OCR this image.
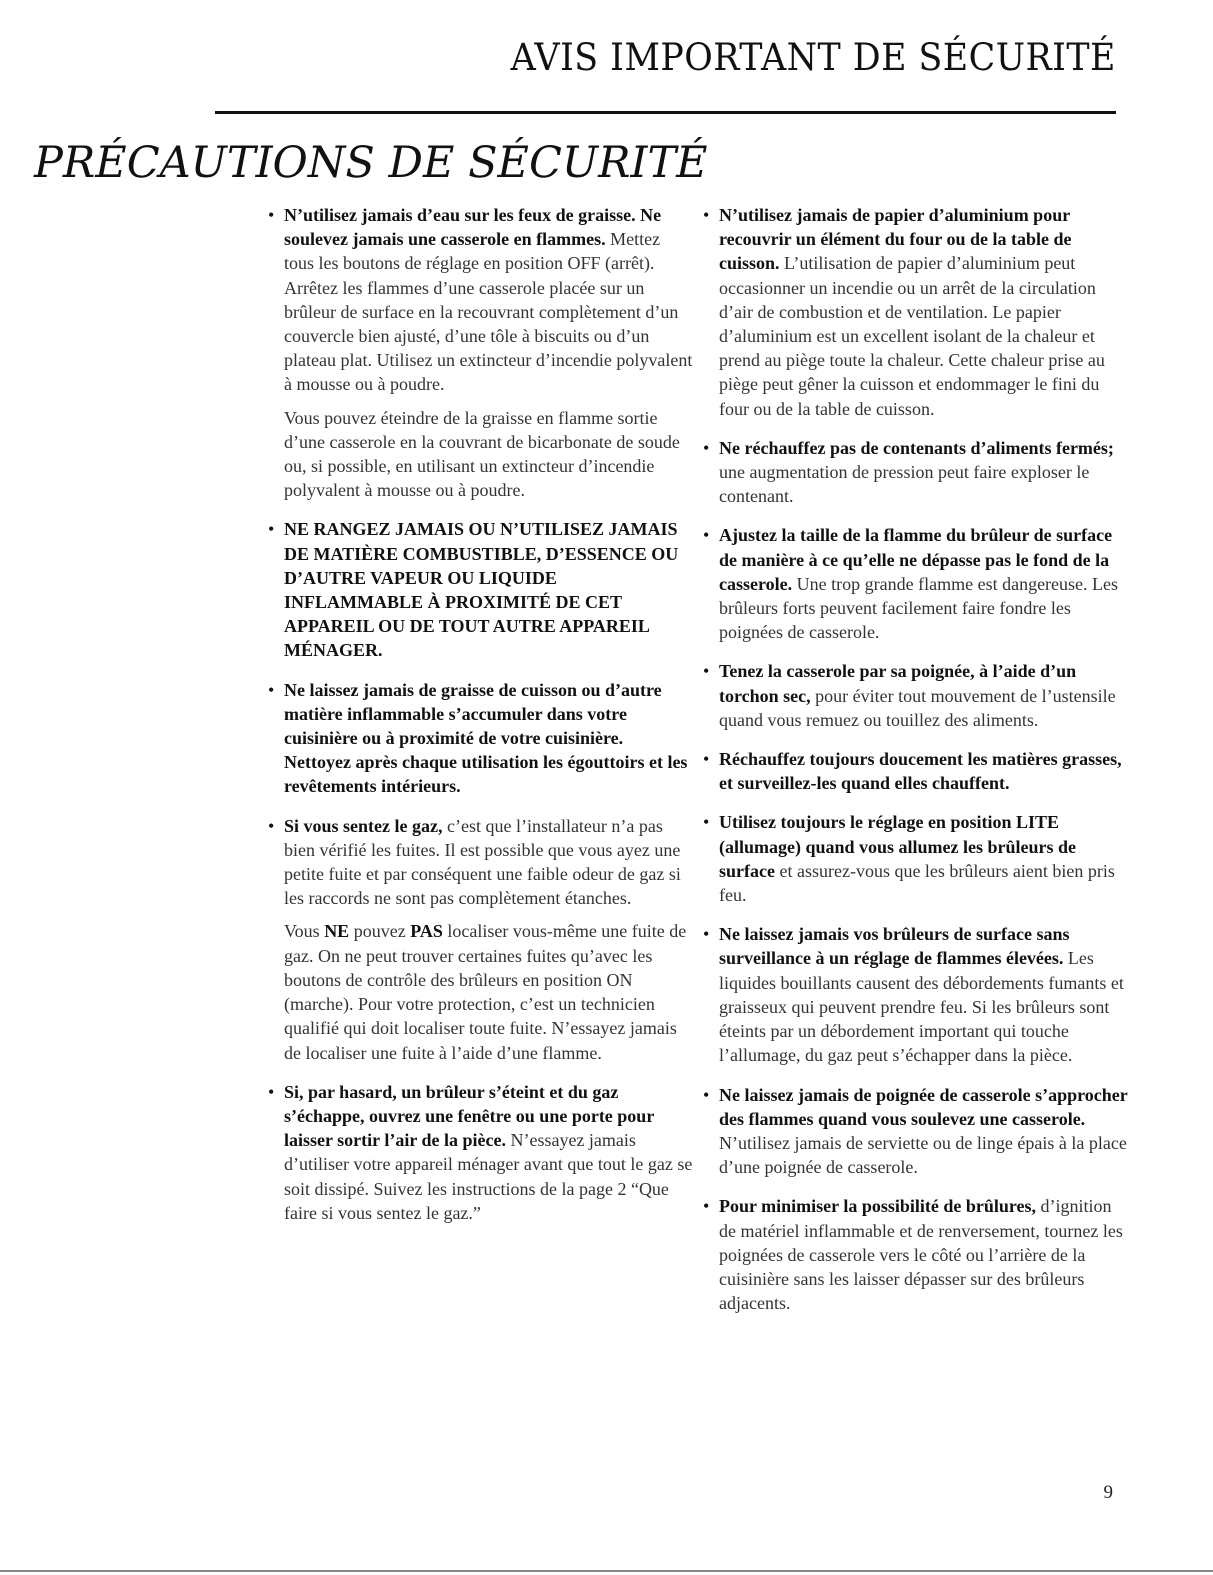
AVIS IMPORTANT DE SÉCURITÉ
PRÉCAUTIONS DE SÉCURITÉ

• N’utilisez jamais d’eau sur les feux de graisse. Ne soulevez jamais une casserole en flammes. Mettez tous les boutons de réglage en position OFF (arrêt). Arrêtez les flammes d’une casserole placée sur un brûleur de surface en la recouvrant complètement d’un couvercle bien ajusté, d’une tôle à biscuits ou d’un plateau plat. Utilisez un extincteur d’incendie polyvalent à mousse ou à poudre.

Vous pouvez éteindre de la graisse en flamme sortie d’une casserole en la couvrant de bicarbonate de soude ou, si possible, en utilisant un extincteur d’incendie polyvalent à mousse ou à poudre.

• NE RANGEZ JAMAIS OU N’UTILISEZ JAMAIS DE MATIÈRE COMBUSTIBLE, D’ESSENCE OU D’AUTRE VAPEUR OU LIQUIDE INFLAMMABLE À PROXIMITÉ DE CET APPAREIL OU DE TOUT AUTRE APPAREIL MÉNAGER.

• Ne laissez jamais de graisse de cuisson ou d’autre matière inflammable s’accumuler dans votre cuisinière ou à proximité de votre cuisinière. Nettoyez après chaque utilisation les égouttoirs et les revêtements intérieurs.

• Si vous sentez le gaz, c’est que l’installateur n’a pas bien vérifié les fuites. Il est possible que vous ayez une petite fuite et par conséquent une faible odeur de gaz si les raccords ne sont pas complètement étanches.

Vous NE pouvez PAS localiser vous-même une fuite de gaz. On ne peut trouver certaines fuites qu’avec les boutons de contrôle des brûleurs en position ON (marche). Pour votre protection, c’est un technicien qualifié qui doit localiser toute fuite. N’essayez jamais de localiser une fuite à l’aide d’une flamme.

• Si, par hasard, un brûleur s’éteint et du gaz s’échappe, ouvrez une fenêtre ou une porte pour laisser sortir l’air de la pièce. N’essayez jamais d’utiliser votre appareil ménager avant que tout le gaz se soit dissipé. Suivez les instructions de la page 2 “Que faire si vous sentez le gaz.”

• N’utilisez jamais de papier d’aluminium pour recouvrir un élément du four ou de la table de cuisson. L’utilisation de papier d’aluminium peut occasionner un incendie ou un arrêt de la circulation d’air de combustion et de ventilation. Le papier d’aluminium est un excellent isolant de la chaleur et prend au piège toute la chaleur. Cette chaleur prise au piège peut gêner la cuisson et endommager le fini du four ou de la table de cuisson.

• Ne réchauffez pas de contenants d’aliments fermés; une augmentation de pression peut faire exploser le contenant.

• Ajustez la taille de la flamme du brûleur de surface de manière à ce qu’elle ne dépasse pas le fond de la casserole. Une trop grande flamme est dangereuse. Les brûleurs forts peuvent facilement faire fondre les poignées de casserole.

• Tenez la casserole par sa poignée, à l’aide d’un torchon sec, pour éviter tout mouvement de l’ustensile quand vous remuez ou touillez des aliments.

• Réchauffez toujours doucement les matières grasses, et surveillez-les quand elles chauffent.

• Utilisez toujours le réglage en position LITE (allumage) quand vous allumez les brûleurs de surface et assurez-vous que les brûleurs aient bien pris feu.

• Ne laissez jamais vos brûleurs de surface sans surveillance à un réglage de flammes élevées. Les liquides bouillants causent des débordements fumants et graisseux qui peuvent prendre feu. Si les brûleurs sont éteints par un débordement important qui touche l’allumage, du gaz peut s’échapper dans la pièce.

• Ne laissez jamais de poignée de casserole s’approcher des flammes quand vous soulevez une casserole. N’utilisez jamais de serviette ou de linge épais à la place d’une poignée de casserole.

• Pour minimiser la possibilité de brûlures, d’ignition de matériel inflammable et de renversement, tournez les poignées de casserole vers le côté ou l’arrière de la cuisinière sans les laisser dépasser sur des brûleurs adjacents.

9
